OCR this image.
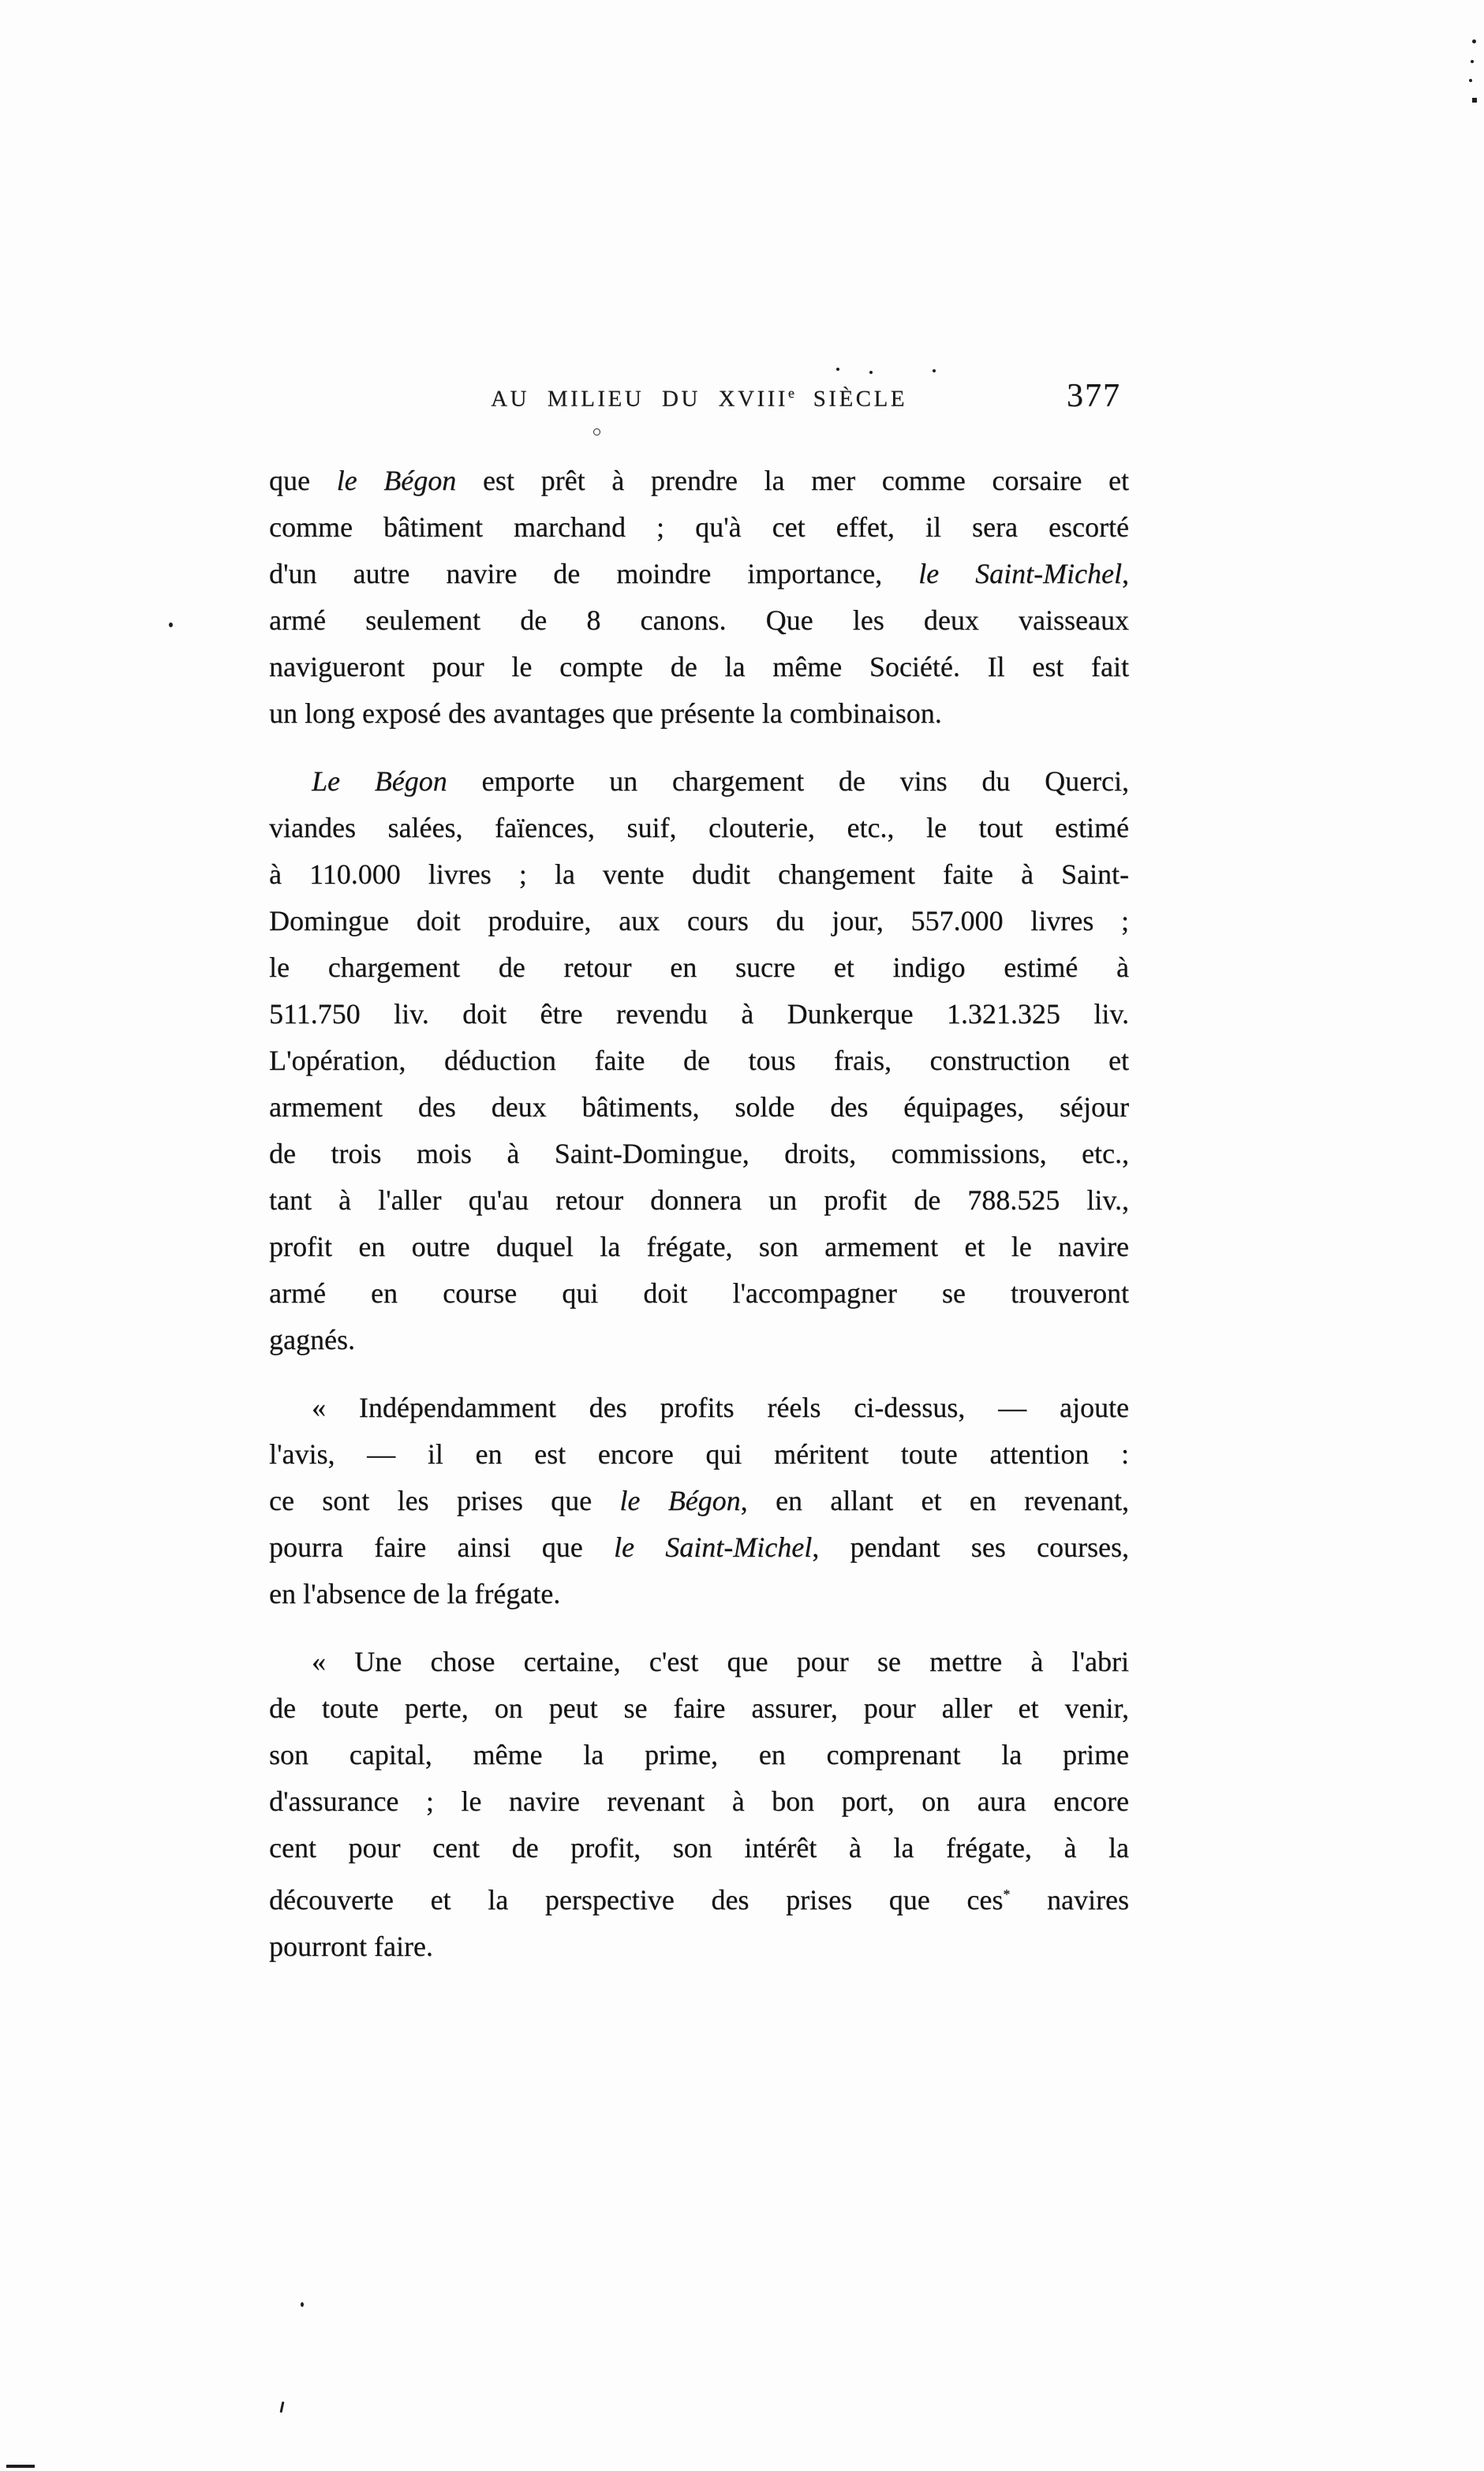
AU MILIEU DU XVIIIe SIÈCLE	377
que le Bégon est prêt à prendre la mer comme corsaire et
comme bâtiment marchand ; qu'à cet effet, il sera escorté
d'un autre navire de moindre importance, le Saint-Michel,
armé seulement de 8 canons. Que les deux vaisseaux
navigueront pour le compte de la même Société. Il est fait
un long exposé des avantages que présente la combinaison.
Le Bégon emporte un chargement de vins du Querci,
viandes salées, faïences, suif, clouterie, etc., le tout estimé
à 110.000 livres ; la vente dudit changement faite à Saint-
Domingue doit produire, aux cours du jour, 557.000 livres ;
le chargement de retour en sucre et indigo estimé à
511.750 liv. doit être revendu à Dunkerque 1.321.325 liv.
L'opération, déduction faite de tous frais, construction et
armement des deux bâtiments, solde des équipages, séjour
de trois mois à Saint-Domingue, droits, commissions, etc.,
tant à l'aller qu'au retour donnera un profit de 788.525 liv.,
profit en outre duquel la frégate, son armement et le navire
armé en course qui doit l'accompagner se trouveront
gagnés.
« Indépendamment des profits réels ci-dessus, — ajoute
l'avis, — il en est encore qui méritent toute attention :
ce sont les prises que le Bégon, en allant et en revenant,
pourra faire ainsi que le Saint-Michel, pendant ses courses,
en l'absence de la frégate.
« Une chose certaine, c'est que pour se mettre à l'abri
de toute perte, on peut se faire assurer, pour aller et venir,
son capital, même la prime, en comprenant la prime
d'assurance ; le navire revenant à bon port, on aura encore
cent pour cent de profit, son intérêt à la frégate, à la
découverte et la perspective des prises que ces* navires
pourront faire.
